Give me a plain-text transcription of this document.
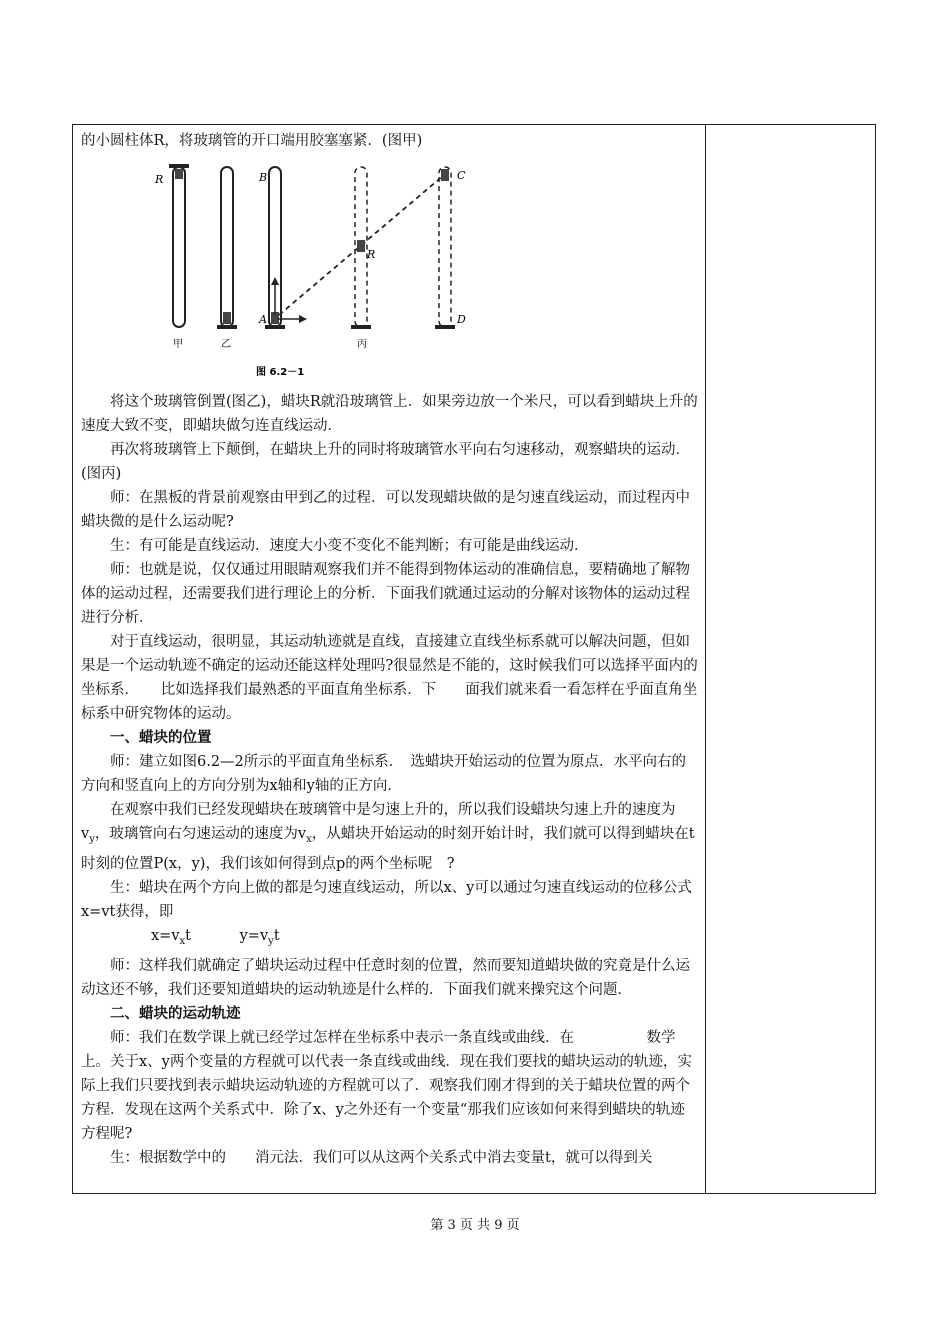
的小圆柱体R，将玻璃管的开口端用胶塞塞紧．(图甲)

R	B
A
R
C
D
甲	乙	丙
图 6.2－1

将这个玻璃管倒置(图乙)，蜡块R就沿玻璃管上．如果旁边放一个米尺，可以看到蜡块上升的速度大致不变，即蜡块做匀连直线运动．

再次将玻璃管上下颠倒，在蜡块上升的同时将玻璃管水平向右匀速移动，观察蜡块的运动．(图丙)

师：在黑板的背景前观察由甲到乙的过程．可以发现蜡块做的是匀速直线运动，而过程丙中蜡块微的是什么运动呢?

生：有可能是直线运动．速度大小变不变化不能判断；有可能是曲线运动．

师：也就是说，仅仅通过用眼睛观察我们并不能得到物体运动的准确信息，要精确地了解物体的运动过程，还需要我们进行理论上的分析．下面我们就通过运动的分解对该物体的运动过程进行分析．

对于直线运动，很明显，其运动轨迹就是直线，直接建立直线坐标系就可以解决问题，但如果是一个运动轨迹不确定的运动还能这样处理吗?很显然是不能的，这时候我们可以选择平面内的坐标系．　　比如选择我们最熟悉的平面直角坐标系．下　　面我们就来看一看怎样在乎面直角坐标系中研究物体的运动。

一、蜡块的位置

师：建立如图6.2—2所示的平面直角坐标系．　选蜡块开始运动的位置为原点．水平向右的方向和竖直向上的方向分别为x轴和y轴的正方向．

在观察中我们已经发现蜡块在玻璃管中是匀速上升的，所以我们设蜡块匀速上升的速度为$v_y$，玻璃管向右匀速运动的速度为$v_x$，从蜡块开始运动的时刻开始计时，我们就可以得到蜡块在t时刻的位置P(x，y)，我们该如何得到点p的两个坐标呢　?

生：蜡块在两个方向上做的都是匀速直线运动，所以x、y可以通过匀速直线运动的位移公式x=vt获得，即

$x=v_xt$	$y=v_yt$

师：这样我们就确定了蜡块运动过程中任意时刻的位置，然而要知道蜡块做的究竟是什么运动这还不够，我们还要知道蜡块的运动轨迹是什么样的．下面我们就来操究这个问题．

二、蜡块的运动轨迹

师：我们在数学课上就已经学过怎样在坐标系中表示一条直线或曲线．在　　　　　数学上。关于x、y两个变量的方程就可以代表一条直线或曲线．现在我们要找的蜡块运动的轨迹，实际上我们只要找到表示蜡块运动轨迹的方程就可以了．观察我们刚才得到的关于蜡块位置的两个方程．发现在这两个关系式中．除了x、y之外还有一个变量“那我们应该如何来得到蜡块的轨迹方程呢?

生：根据数学中的　　消元法．我们可以从这两个关系式中消去变量t，就可以得到关

第 3 页 共 9 页
